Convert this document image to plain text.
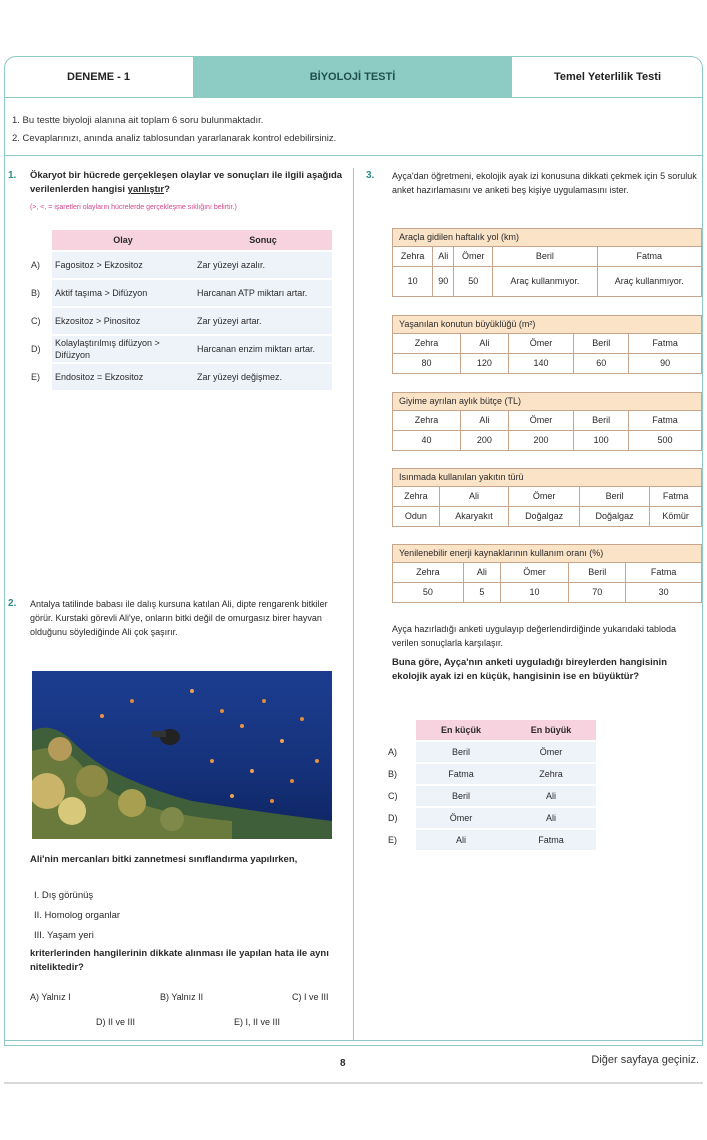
DENEME - 1	BİYOLOJİ TESTİ	Temel Yeterlilik Testi
1. Bu testte biyoloji alanına ait toplam 6 soru bulunmaktadır.
2. Cevaplarınızı, anında analiz tablosundan yararlanarak kontrol edebilirsiniz.
1. Ökaryot bir hücrede gerçekleşen olaylar ve sonuçları ile ilgili aşağıda verilenlerden hangisi yanlıştır?
(>, <, = işaretleri olayların hücrelerde gerçekleşme sıklığını belirtir.)
	Olay	Sonuç
A)	Fagositoz > Ekzositoz	Zar yüzeyi azalır.
B)	Aktif taşıma > Difüzyon	Harcanan ATP miktarı artar.
C)	Ekzositoz > Pinositoz	Zar yüzeyi artar.
D)	Kolaylaştırılmış difüzyon > Difüzyon	Harcanan enzim miktarı artar.
E)	Endositoz = Ekzositoz	Zar yüzeyi değişmez.
2. Antalya tatilinde babası ile dalış kursuna katılan Ali, dipte rengarenk bitkiler görür. Kurstaki görevli Ali'ye, onların bitki değil de omurgasız birer hayvan olduğunu söylediğinde Ali çok şaşırır.
Ali'nin mercanları bitki zannetmesi sınıflandırma yapılırken,
I. Dış görünüş
II. Homolog organlar
III. Yaşam yeri
kriterlerinden hangilerinin dikkate alınması ile yapılan hata ile aynı niteliktedir?
A) Yalnız I	B) Yalnız II	C) I ve III
D) II ve III	E) I, II ve III
3. Ayça'dan öğretmeni, ekolojik ayak izi konusuna dikkati çekmek için 5 soruluk anket hazırlamasını ve anketi beş kişiye uygulamasını ister.
Araçla gidilen haftalık yol (km)				
Zehra	Ali	Ömer	Beril	Fatma
10	90	50	Araç kullanmıyor.	Araç kullanmıyor.
Yaşanılan konutun büyüklüğü (m²)				
Zehra	Ali	Ömer	Beril	Fatma
80	120	140	60	90
Giyime ayrılan aylık bütçe (TL)				
Zehra	Ali	Ömer	Beril	Fatma
40	200	200	100	500
Isınmada kullanılan yakıtın türü				
Zehra	Ali	Ömer	Beril	Fatma
Odun	Akaryakıt	Doğalgaz	Doğalgaz	Kömür
Yenilenebilir enerji kaynaklarının kullanım oranı (%)				
Zehra	Ali	Ömer	Beril	Fatma
50	5	10	70	30
Ayça hazırladığı anketi uygulayıp değerlendirdiğinde yukarıdaki tabloda verilen sonuçlarla karşılaşır.
Buna göre, Ayça'nın anketi uyguladığı bireylerden hangisinin ekolojik ayak izi en küçük, hangisinin ise en büyüktür?
	En küçük	En büyük
A)	Beril	Ömer
B)	Fatma	Zehra
C)	Beril	Ali
D)	Ömer	Ali
E)	Ali	Fatma
8	Diğer sayfaya geçiniz.
